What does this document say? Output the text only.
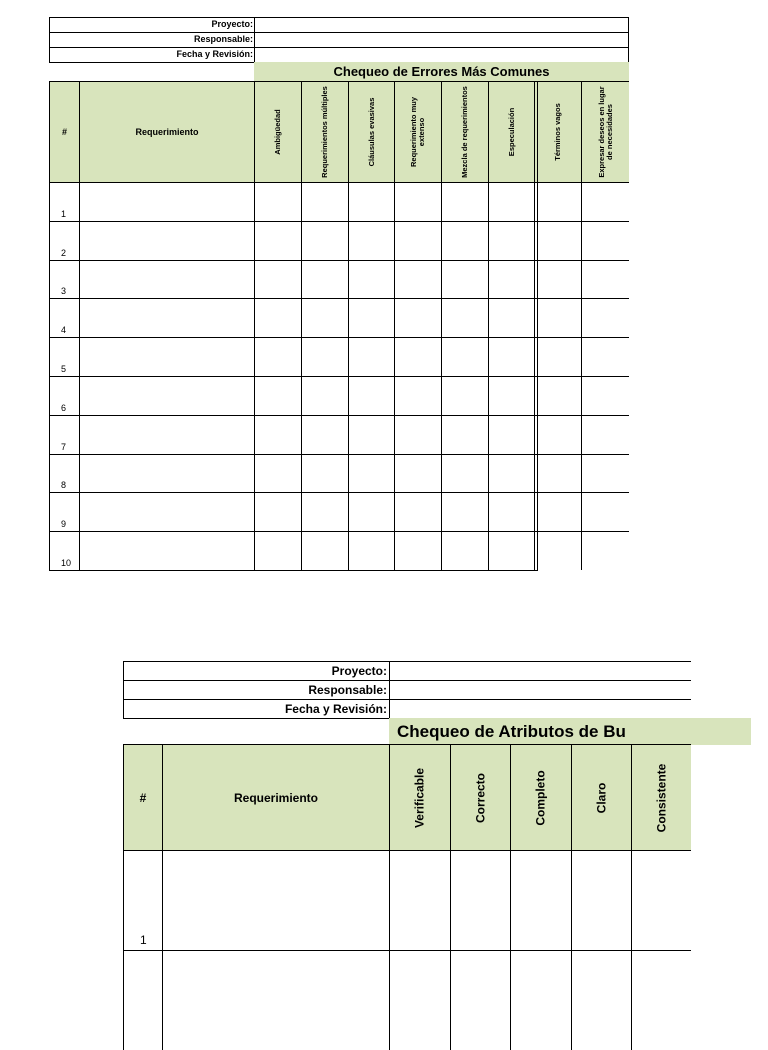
Proyecto:
Responsable:
Fecha y Revisión:
Chequeo de Errores Más Comunes
#	Requerimiento	Ambigüedad	Requerimientos múltiples	Cláusulas evasivas	Requerimiento muy extenso	Mezcla de requerimientos	Especulación	Términos vagos	Expresar deseos en lugar de necesidades
1
2
3
4
5
6
7
8
9
10
Proyecto:
Responsable:
Fecha y Revisión:
Chequeo de Atributos de Bu
#	Requerimiento	Verificable	Correcto	Completo	Claro	Consistente
1
